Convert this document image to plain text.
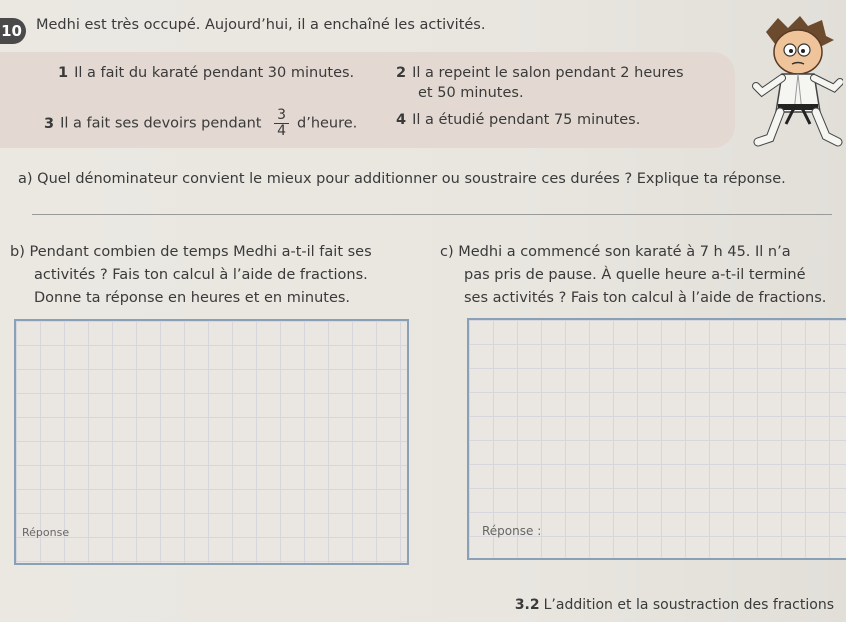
10 Medhi est très occupé. Aujourd’hui, il a enchaîné les activités.
1 Il a fait du karaté pendant 30 minutes.	2 Il a repeint le salon pendant 2 heures
et 50 minutes.
3 Il a fait ses devoirs pendant $\frac{3}{4}$ d’heure.	4 Il a étudié pendant 75 minutes.
a) Quel dénominateur convient le mieux pour additionner ou soustraire ces durées ? Explique ta réponse.
b) Pendant combien de temps Medhi a-t-il fait ses
activités ? Fais ton calcul à l’aide de fractions.
Donne ta réponse en heures et en minutes.
c) Medhi a commencé son karaté à 7 h 45. Il n’a
pas pris de pause. À quelle heure a-t-il terminé
ses activités ? Fais ton calcul à l’aide de fractions.
Réponse	Réponse :
3.2 L’addition et la soustraction des fractions
